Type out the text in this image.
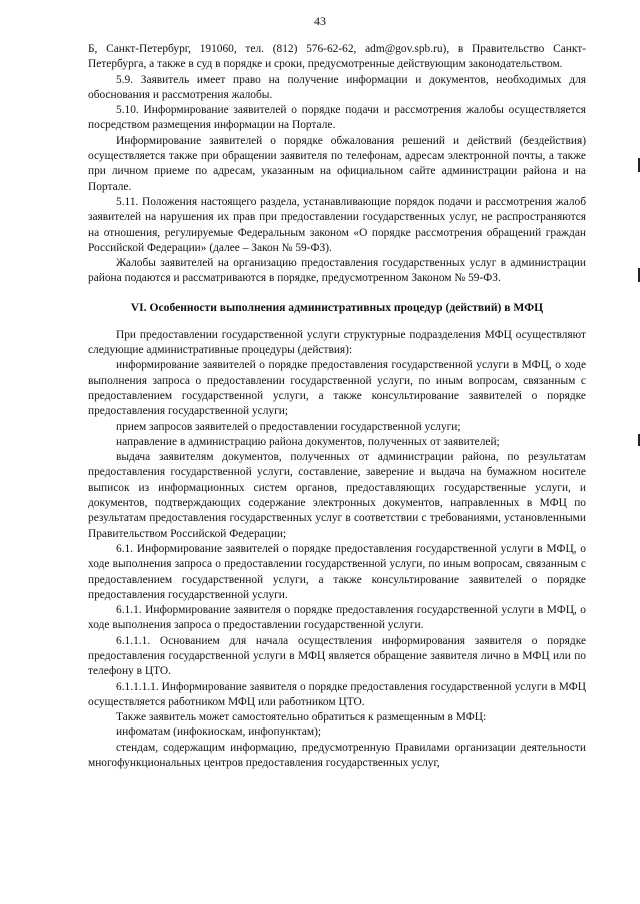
43

Б, Санкт-Петербург, 191060, тел. (812) 576-62-62, adm@gov.spb.ru), в Правительство Санкт-Петербурга, а также в суд в порядке и сроки, предусмотренные действующим законодательством.

5.9. Заявитель имеет право на получение информации и документов, необходимых для обоснования и рассмотрения жалобы.

5.10. Информирование заявителей о порядке подачи и рассмотрения жалобы осуществляется посредством размещения информации на Портале.

Информирование заявителей о порядке обжалования решений и действий (бездействия) осуществляется также при обращении заявителя по телефонам, адресам электронной почты, а также при личном приеме по адресам, указанным на официальном сайте администрации района и на Портале.

5.11. Положения настоящего раздела, устанавливающие порядок подачи и рассмотрения жалоб заявителей на нарушения их прав при предоставлении государственных услуг, не распространяются на отношения, регулируемые Федеральным законом «О порядке рассмотрения обращений граждан Российской Федерации» (далее – Закон № 59-ФЗ).

Жалобы заявителей на организацию предоставления государственных услуг в администрации района подаются и рассматриваются в порядке, предусмотренном Законом № 59-ФЗ.

VI. Особенности выполнения административных процедур (действий) в МФЦ

При предоставлении государственной услуги структурные подразделения МФЦ осуществляют следующие административные процедуры (действия):

информирование заявителей о порядке предоставления государственной услуги в МФЦ, о ходе выполнения запроса о предоставлении государственной услуги, по иным вопросам, связанным с предоставлением государственной услуги, а также консультирование заявителей о порядке предоставления государственной услуги;

прием запросов заявителей о предоставлении государственной услуги;

направление в администрацию района документов, полученных от заявителей;

выдача заявителям документов, полученных от администрации района, по результатам предоставления государственной услуги, составление, заверение и выдача на бумажном носителе выписок из информационных систем органов, предоставляющих государственные услуги, и документов, подтверждающих содержание электронных документов, направленных в МФЦ по результатам предоставления государственных услуг в соответствии с требованиями, установленными Правительством Российской Федерации;

6.1. Информирование заявителей о порядке предоставления государственной услуги в МФЦ, о ходе выполнения запроса о предоставлении государственной услуги, по иным вопросам, связанным с предоставлением государственной услуги, а также консультирование заявителей о порядке предоставления государственной услуги.

6.1.1. Информирование заявителя о порядке предоставления государственной услуги в МФЦ, о ходе выполнения запроса о предоставлении государственной услуги.

6.1.1.1. Основанием для начала осуществления информирования заявителя о порядке предоставления государственной услуги в МФЦ является обращение заявителя лично в МФЦ или по телефону в ЦТО.

6.1.1.1.1. Информирование заявителя о порядке предоставления государственной услуги в МФЦ осуществляется работником МФЦ или работником ЦТО.

Также заявитель может самостоятельно обратиться к размещенным в МФЦ:

инфоматам (инфокиоскам, инфопунктам);

стендам, содержащим информацию, предусмотренную Правилами организации деятельности многофункциональных центров предоставления государственных услуг,
